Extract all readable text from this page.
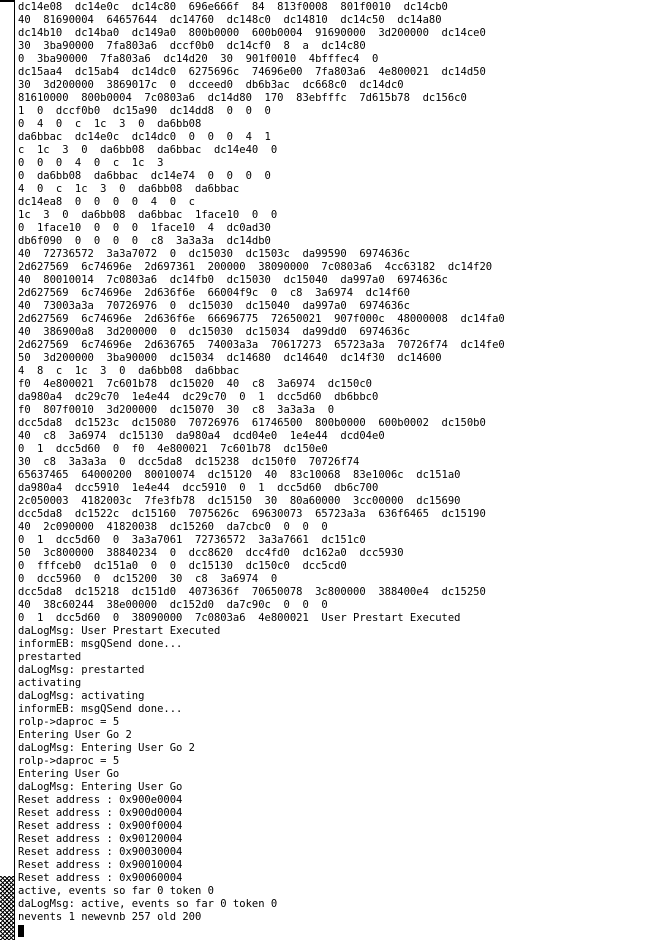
dc14e08  dc14e0c  dc14c80  696e666f  84  813f0008  801f0010  dc14cb0
40  81690004  64657644  dc14760  dc148c0  dc14810  dc14c50  dc14a80
dc14b10  dc14ba0  dc149a0  800b0000  600b0004  91690000  3d200000  dc14ce0
30  3ba90000  7fa803a6  dccf0b0  dc14cf0  8  a  dc14c80
0  3ba90000  7fa803a6  dc14d20  30  901f0010  4bfffec4  0
dc15aa4  dc15ab4  dc14dc0  6275696c  74696e00  7fa803a6  4e800021  dc14d50
30  3d200000  3869017c  0  dcceed0  db6b3ac  dc668c0  dc14dc0
81610000  800b0004  7c0803a6  dc14d80  170  83ebfffc  7d615b78  dc156c0
1  0  dccf0b0  dc15a90  dc14dd8  0  0  0
0  4  0  c  1c  3  0  da6bb08
da6bbac  dc14e0c  dc14dc0  0  0  0  4  1
c  1c  3  0  da6bb08  da6bbac  dc14e40  0
0  0  0  4  0  c  1c  3
0  da6bb08  da6bbac  dc14e74  0  0  0  0
4  0  c  1c  3  0  da6bb08  da6bbac
dc14ea8  0  0  0  0  4  0  c
1c  3  0  da6bb08  da6bbac  1face10  0  0
0  1face10  0  0  0  1face10  4  dc0ad30
db6f090  0  0  0  0  c8  3a3a3a  dc14db0
40  72736572  3a3a7072  0  dc15030  dc1503c  da99590  6974636c
2d627569  6c74696e  2d697361  200000  38090000  7c0803a6  4cc63182  dc14f20
40  80010014  7c0803a6  dc14fb0  dc15030  dc15040  da997a0  6974636c
2d627569  6c74696e  2d636f6e  66004f9c  0  c8  3a6974  dc14f60
40  73003a3a  70726976  0  dc15030  dc15040  da997a0  6974636c
2d627569  6c74696e  2d636f6e  66696775  72650021  907f000c  48000008  dc14fa0
40  386900a8  3d200000  0  dc15030  dc15034  da99dd0  6974636c
2d627569  6c74696e  2d636765  74003a3a  70617273  65723a3a  70726f74  dc14fe0
50  3d200000  3ba90000  dc15034  dc14680  dc14640  dc14f30  dc14600
4  8  c  1c  3  0  da6bb08  da6bbac
f0  4e800021  7c601b78  dc15020  40  c8  3a6974  dc150c0
da980a4  dc29c70  1e4e44  dc29c70  0  1  dcc5d60  db6bbc0
f0  807f0010  3d200000  dc15070  30  c8  3a3a3a  0
dcc5da8  dc1523c  dc15080  70726976  61746500  800b0000  600b0002  dc150b0
40  c8  3a6974  dc15130  da980a4  dcd04e0  1e4e44  dcd04e0
0  1  dcc5d60  0  f0  4e800021  7c601b78  dc150e0
30  c8  3a3a3a  0  dcc5da8  dc15238  dc150f0  70726f74
65637465  64000200  80010074  dc15120  40  83c10068  83e1006c  dc151a0
da980a4  dcc5910  1e4e44  dcc5910  0  1  dcc5d60  db6c700
2c050003  4182003c  7fe3fb78  dc15150  30  80a60000  3cc00000  dc15690
dcc5da8  dc1522c  dc15160  7075626c  69630073  65723a3a  636f6465  dc15190
40  2c090000  41820038  dc15260  da7cbc0  0  0  0
0  1  dcc5d60  0  3a3a7061  72736572  3a3a7661  dc151c0
50  3c800000  38840234  0  dcc8620  dcc4fd0  dc162a0  dcc5930
0  fffceb0  dc151a0  0  0  dc15130  dc150c0  dcc5cd0
0  dcc5960  0  dc15200  30  c8  3a6974  0
dcc5da8  dc15218  dc151d0  4073636f  70650078  3c800000  388400e4  dc15250
40  38c60244  38e00000  dc152d0  da7c90c  0  0  0
0  1  dcc5d60  0  38090000  7c0803a6  4e800021  User Prestart Executed
daLogMsg: User Prestart Executed
informEB: msgQSend done...
prestarted
daLogMsg: prestarted
activating
daLogMsg: activating
informEB: msgQSend done...
rolp->daproc = 5
Entering User Go 2
daLogMsg: Entering User Go 2
rolp->daproc = 5
Entering User Go
daLogMsg: Entering User Go
Reset address : 0x900e0004
Reset address : 0x900d0004
Reset address : 0x900f0004
Reset address : 0x90120004
Reset address : 0x90030004
Reset address : 0x90010004
Reset address : 0x90060004
active, events so far 0 token 0
daLogMsg: active, events so far 0 token 0
nevents 1 newevnb 257 old 200
